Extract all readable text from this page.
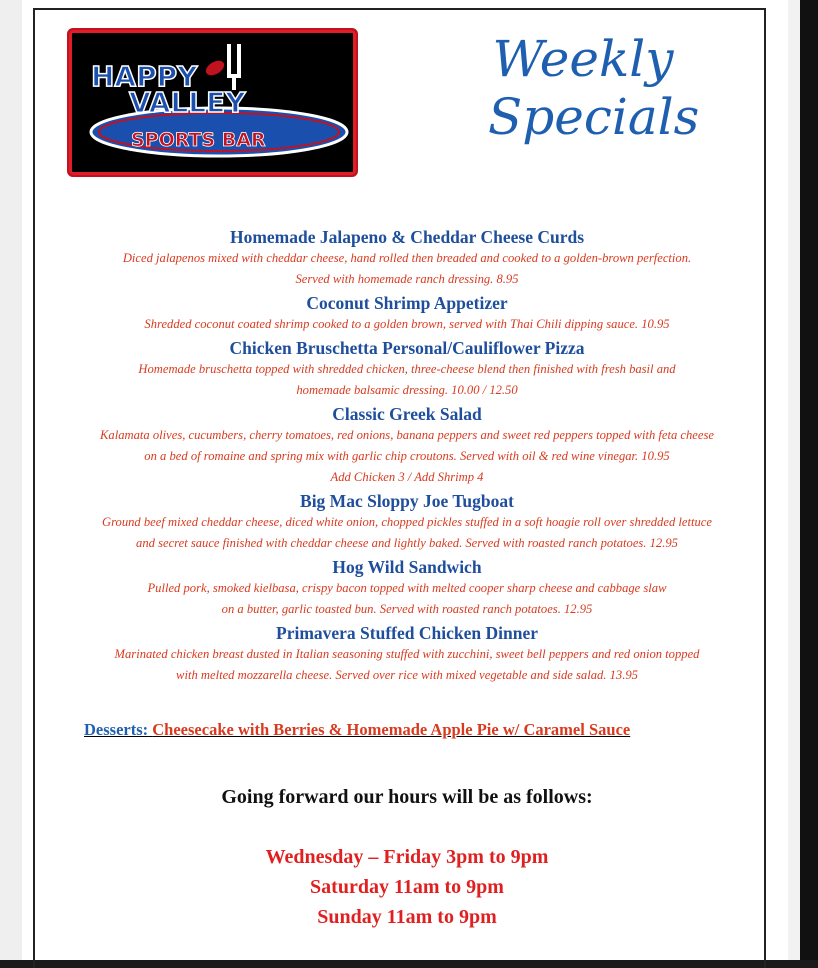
HAPPY
VALLEY
SPORTS BAR
Weekly
Specials
Homemade Jalapeno & Cheddar Cheese Curds
Diced jalapenos mixed with cheddar cheese, hand rolled then breaded and cooked to a golden-brown perfection.
Served with homemade ranch dressing. 8.95
Coconut Shrimp Appetizer
Shredded coconut coated shrimp cooked to a golden brown, served with Thai Chili dipping sauce. 10.95
Chicken Bruschetta Personal/Cauliflower Pizza
Homemade bruschetta topped with shredded chicken, three-cheese blend then finished with fresh basil and
homemade balsamic dressing. 10.00 / 12.50
Classic Greek Salad
Kalamata olives, cucumbers, cherry tomatoes, red onions, banana peppers and sweet red peppers topped with feta cheese
on a bed of romaine and spring mix with garlic chip croutons. Served with oil & red wine vinegar. 10.95
Add Chicken 3 / Add Shrimp 4
Big Mac Sloppy Joe Tugboat
Ground beef mixed cheddar cheese, diced white onion, chopped pickles stuffed in a soft hoagie roll over shredded lettuce
and secret sauce finished with cheddar cheese and lightly baked. Served with roasted ranch potatoes. 12.95
Hog Wild Sandwich
Pulled pork, smoked kielbasa, crispy bacon topped with melted cooper sharp cheese and cabbage slaw
on a butter, garlic toasted bun. Served with roasted ranch potatoes. 12.95
Primavera Stuffed Chicken Dinner
Marinated chicken breast dusted in Italian seasoning stuffed with zucchini, sweet bell peppers and red onion topped
with melted mozzarella cheese. Served over rice with mixed vegetable and side salad. 13.95
Desserts: Cheesecake with Berries & Homemade Apple Pie w/ Caramel Sauce
Going forward our hours will be as follows:
Wednesday – Friday 3pm to 9pm
Saturday 11am to 9pm
Sunday 11am to 9pm
